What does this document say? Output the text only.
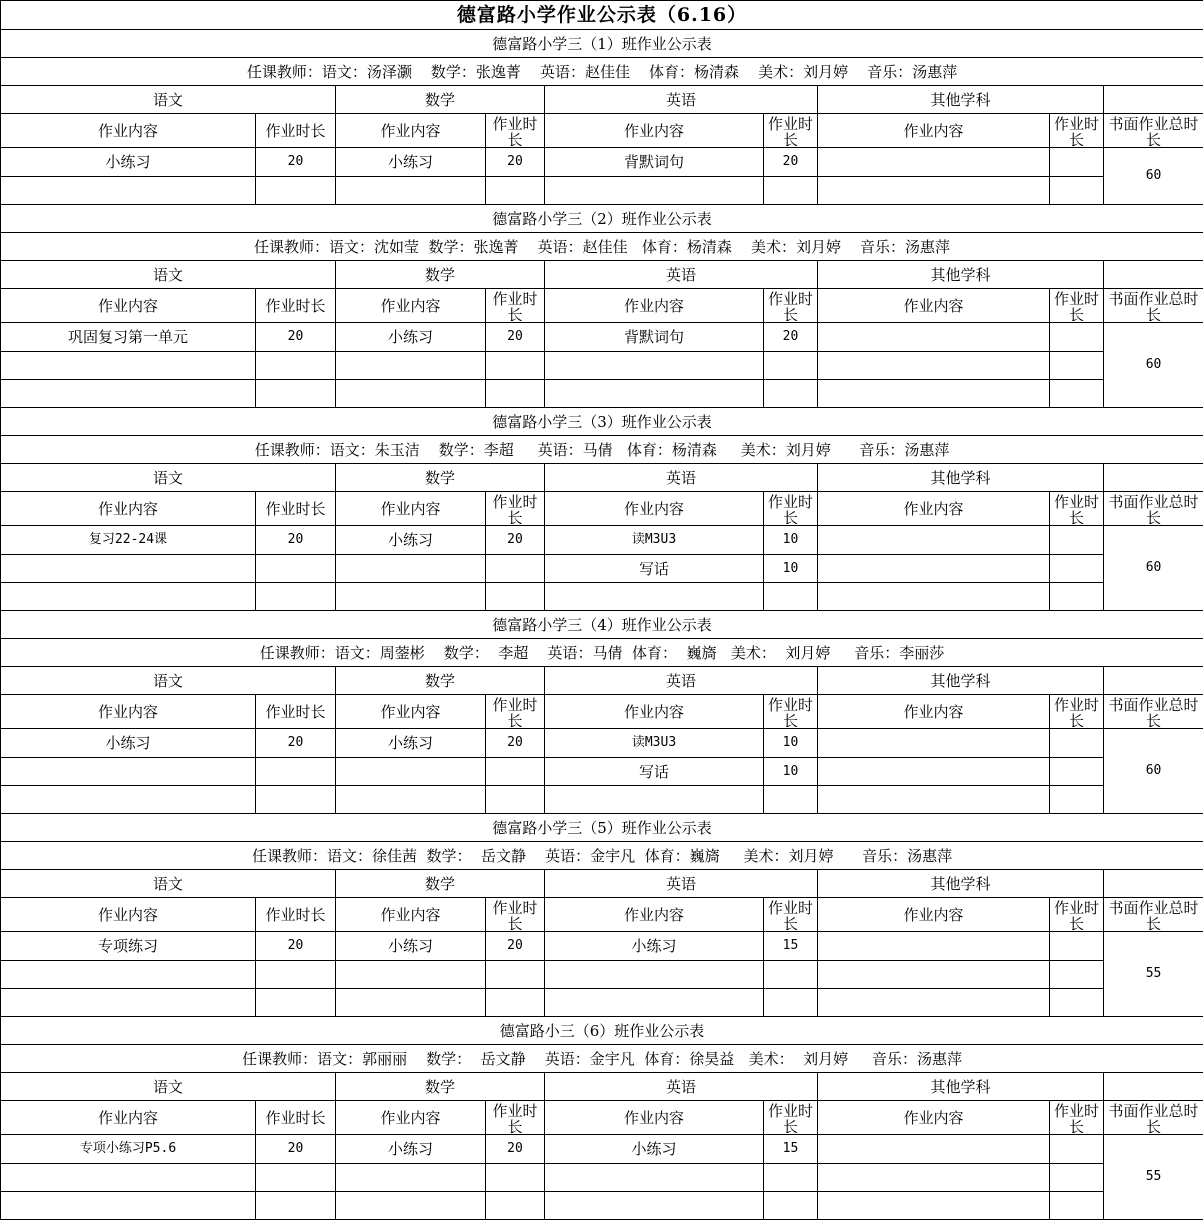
德富路小学作业公示表（6.16）								
德富路小学三（1）班作业公示表								
任课教师：语文：汤泽灏    数学：张逸菁    英语：赵佳佳    体育：杨清森    美术：刘月婷    音乐：汤惠萍								
语文		数学		英语		其他学科		
作业内容	作业时长	作业内容	作业时长	作业内容	作业时长	作业内容	作业时长	书面作业总时长

小练习	20	小练习	20	背默词句	20			60

德富路小学三（2）班作业公示表								
任课教师：语文：沈如莹  数学：张逸菁    英语：赵佳佳   体育：杨清森    美术：刘月婷    音乐：汤惠萍								
语文		数学		英语		其他学科		
作业内容	作业时长	作业内容	作业时长	作业内容	作业时长	作业内容	作业时长	书面作业总时长

巩固复习第一单元	20	小练习	20	背默词句	20			60

德富路小学三（3）班作业公示表								
任课教师：语文：朱玉洁    数学：李超     英语：马倩   体育：杨清森     美术：刘月婷      音乐：汤惠萍								
语文		数学		英语		其他学科		
作业内容	作业时长	作业内容	作业时长	作业内容	作业时长	作业内容	作业时长	书面作业总时长

复习22-24课	20	小练习	20	读M3U3	10			60
				写话	10			

德富路小学三（4）班作业公示表								
任课教师：语文：周蓥彬    数学：  李超    英语：马倩  体育：  巍旖   美术：  刘月婷     音乐：李丽莎								
语文		数学		英语		其他学科		
作业内容	作业时长	作业内容	作业时长	作业内容	作业时长	作业内容	作业时长	书面作业总时长

小练习	20	小练习	20	读M3U3	10			60
				写话	10			

德富路小学三（5）班作业公示表								
任课教师：语文：徐佳茜  数学：  岳文静    英语：金宇凡  体育：巍旖     美术：刘月婷      音乐：汤惠萍								
语文		数学		英语		其他学科		
作业内容	作业时长	作业内容	作业时长	作业内容	作业时长	作业内容	作业时长	书面作业总时长

专项练习	20	小练习	20	小练习	15			55

德富路小三（6）班作业公示表								
任课教师：语文：郭丽丽    数学：  岳文静    英语：金宇凡  体育：徐昊益   美术：  刘月婷     音乐：汤惠萍								
语文		数学		英语		其他学科		
作业内容	作业时长	作业内容	作业时长	作业内容	作业时长	作业内容	作业时长	书面作业总时长

专项小练习P5.6	20	小练习	20	小练习	15			55
